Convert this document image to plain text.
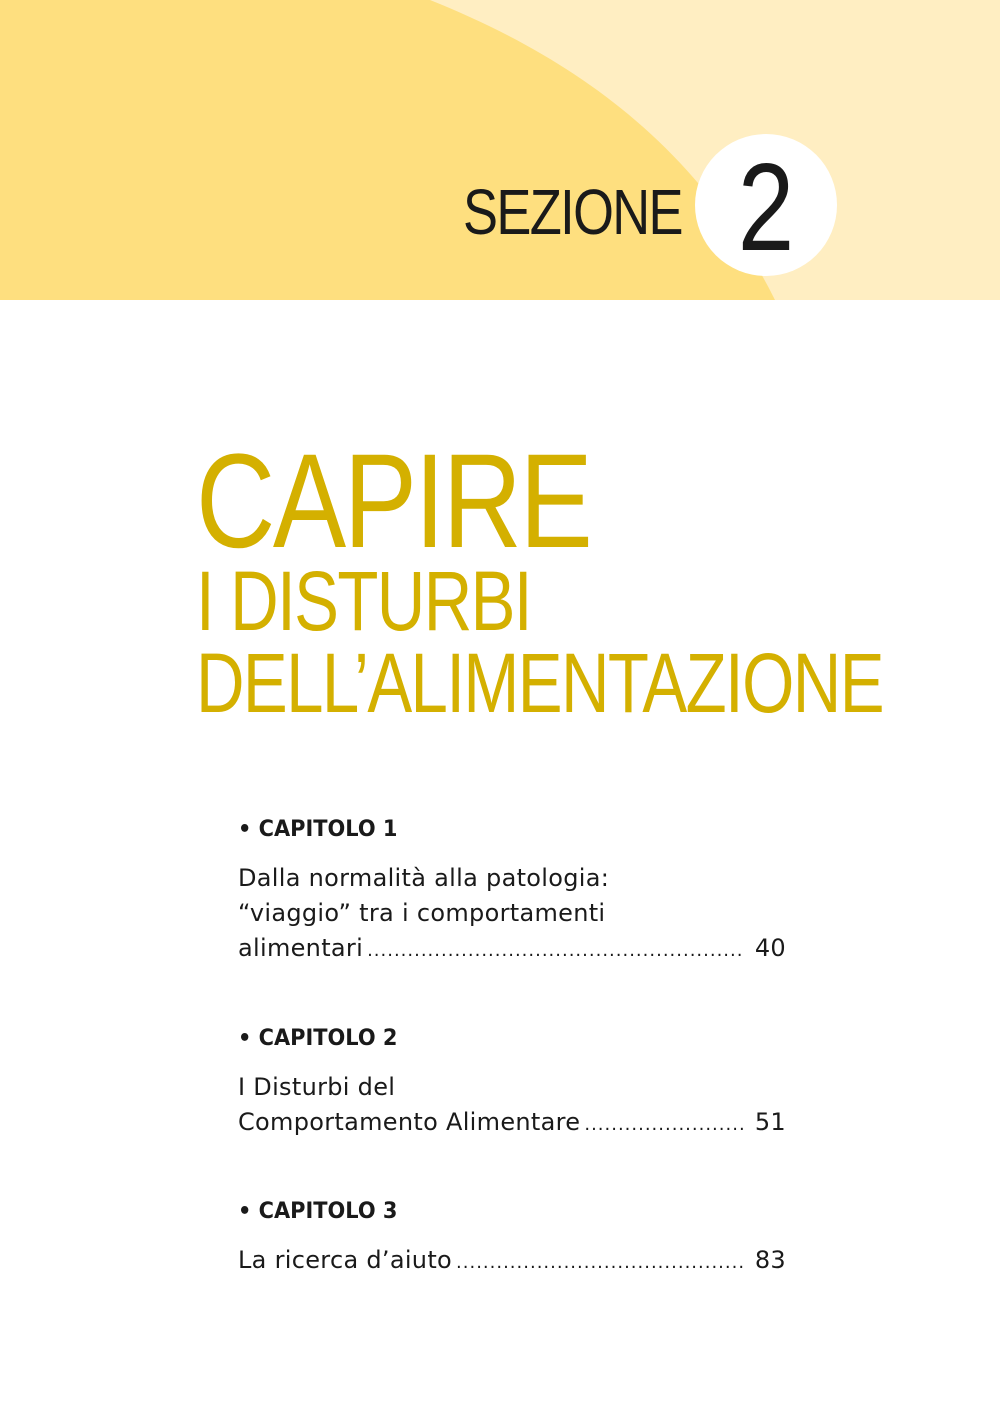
SEZIONE 2
CAPIRE
I DISTURBI
DELL’ALIMENTAZIONE
• CAPITOLO 1
Dalla normalità alla patologia:
“viaggio” tra i comportamenti
alimentari .....	40
• CAPITOLO 2
I Disturbi del
Comportamento Alimentare .....	51
• CAPITOLO 3
La ricerca d’aiuto .....	83
